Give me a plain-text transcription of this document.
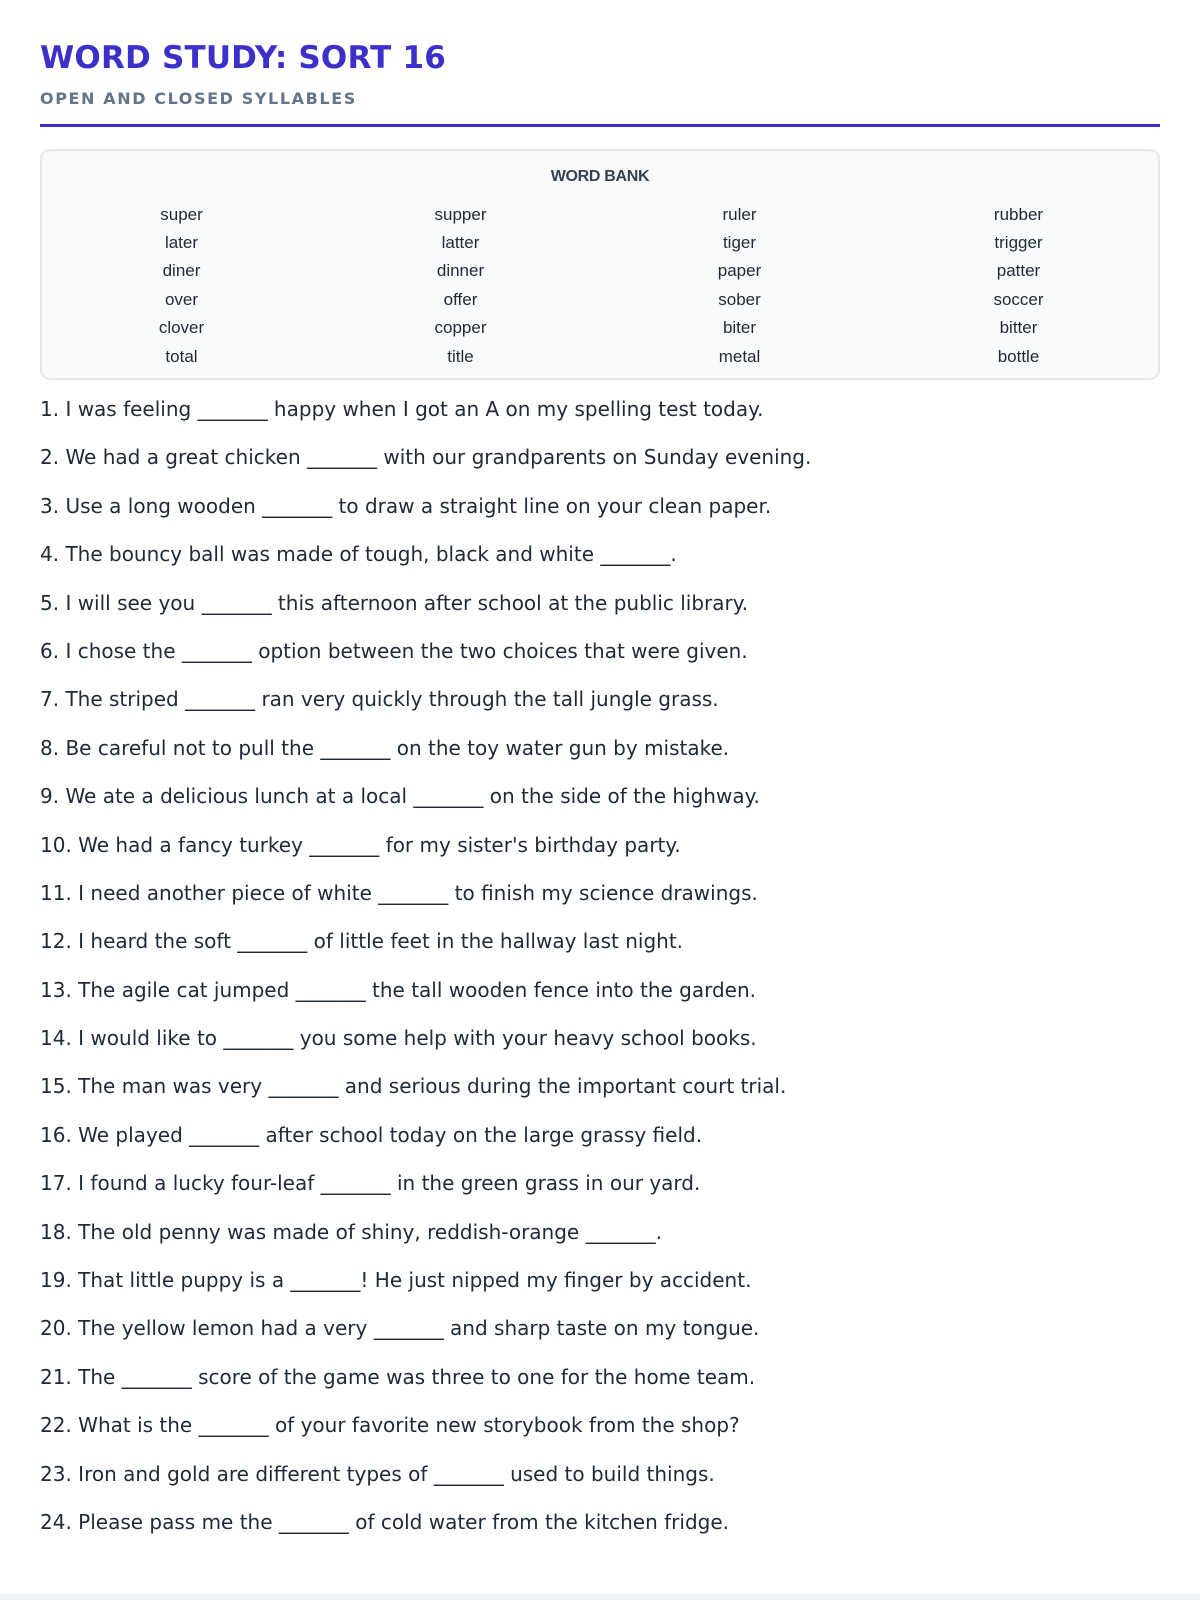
WORD STUDY: SORT 16
OPEN AND CLOSED SYLLABLES
WORD BANK
super	supper	ruler	rubber
later	latter	tiger	trigger
diner	dinner	paper	patter
over	offer	sober	soccer
clover	copper	biter	bitter
total	title	metal	bottle
1. I was feeling _______ happy when I got an A on my spelling test today.
2. We had a great chicken _______ with our grandparents on Sunday evening.
3. Use a long wooden _______ to draw a straight line on your clean paper.
4. The bouncy ball was made of tough, black and white _______.
5. I will see you _______ this afternoon after school at the public library.
6. I chose the _______ option between the two choices that were given.
7. The striped _______ ran very quickly through the tall jungle grass.
8. Be careful not to pull the _______ on the toy water gun by mistake.
9. We ate a delicious lunch at a local _______ on the side of the highway.
10. We had a fancy turkey _______ for my sister's birthday party.
11. I need another piece of white _______ to finish my science drawings.
12. I heard the soft _______ of little feet in the hallway last night.
13. The agile cat jumped _______ the tall wooden fence into the garden.
14. I would like to _______ you some help with your heavy school books.
15. The man was very _______ and serious during the important court trial.
16. We played _______ after school today on the large grassy field.
17. I found a lucky four-leaf _______ in the green grass in our yard.
18. The old penny was made of shiny, reddish-orange _______.
19. That little puppy is a _______! He just nipped my finger by accident.
20. The yellow lemon had a very _______ and sharp taste on my tongue.
21. The _______ score of the game was three to one for the home team.
22. What is the _______ of your favorite new storybook from the shop?
23. Iron and gold are different types of _______ used to build things.
24. Please pass me the _______ of cold water from the kitchen fridge.
